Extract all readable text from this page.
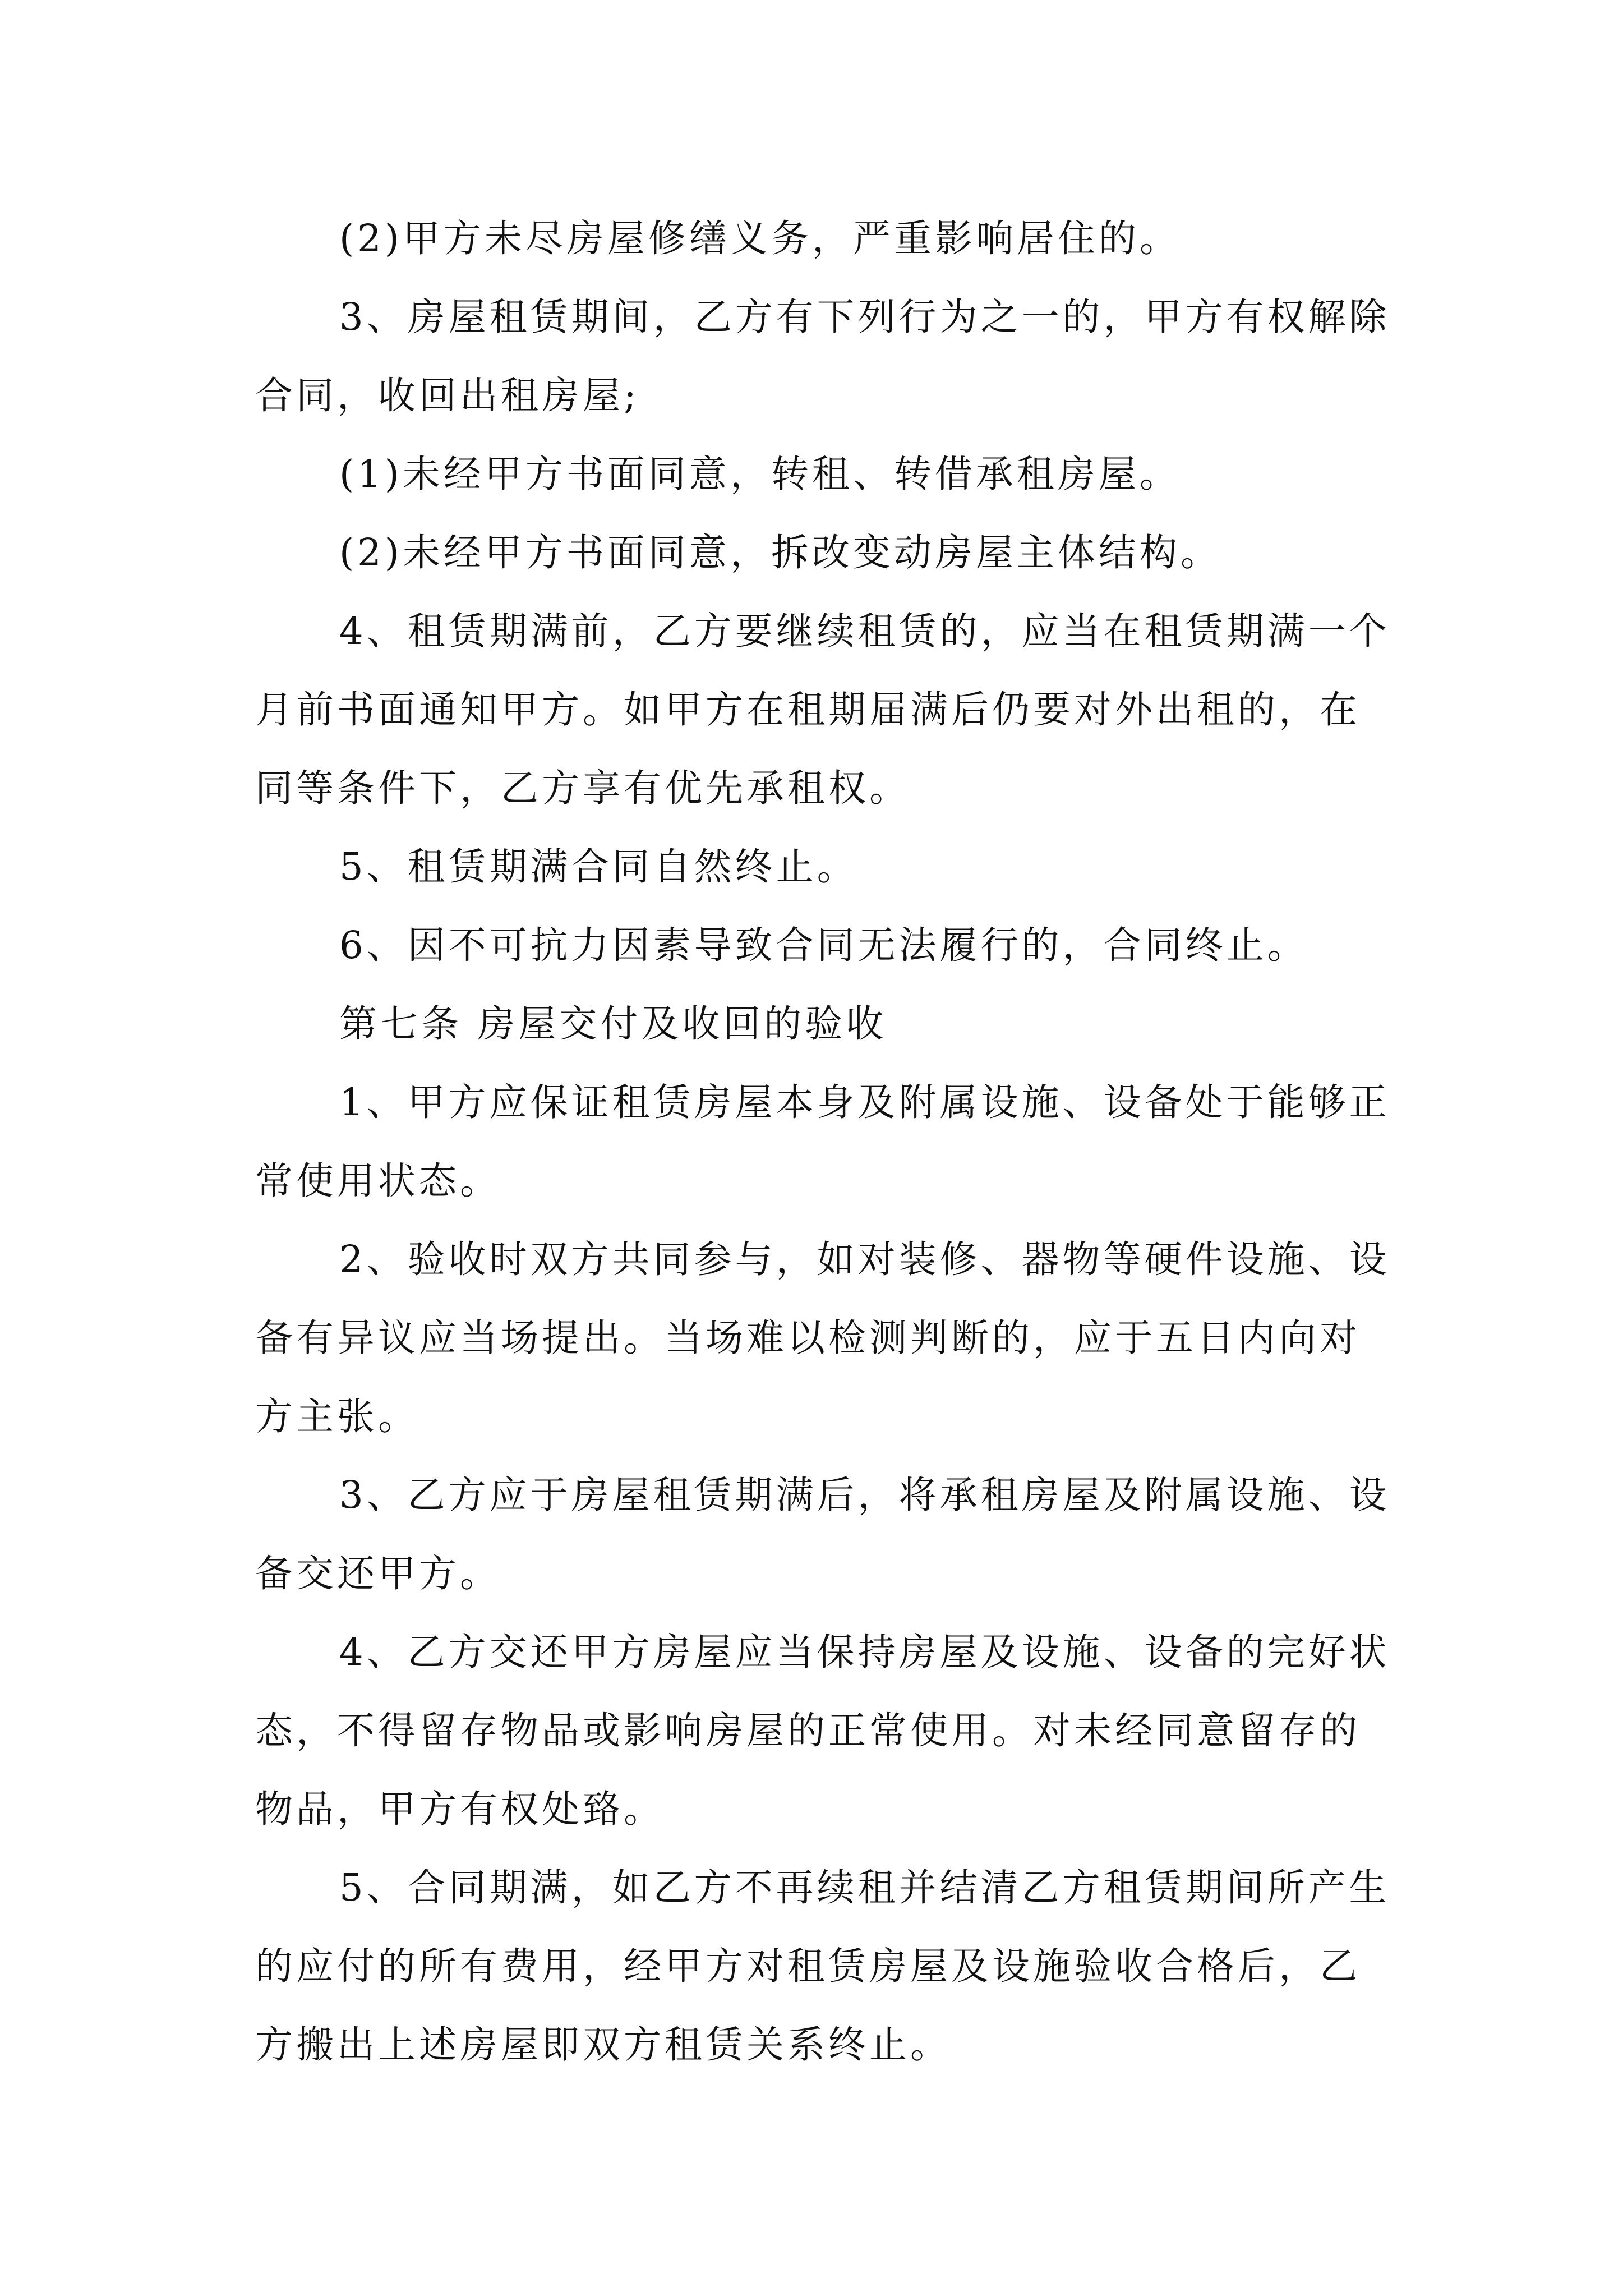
(2)甲方未尽房屋修缮义务，严重影响居住的。

3、房屋租赁期间，乙方有下列行为之一的，甲方有权解除合同，收回出租房屋;

(1)未经甲方书面同意，转租、转借承租房屋。

(2)未经甲方书面同意，拆改变动房屋主体结构。

4、租赁期满前，乙方要继续租赁的，应当在租赁期满一个月前书面通知甲方。如甲方在租期届满后仍要对外出租的，在同等条件下，乙方享有优先承租权。

5、租赁期满合同自然终止。

6、因不可抗力因素导致合同无法履行的，合同终止。

第七条 房屋交付及收回的验收

1、甲方应保证租赁房屋本身及附属设施、设备处于能够正常使用状态。

2、验收时双方共同参与，如对装修、器物等硬件设施、设备有异议应当场提出。当场难以检测判断的，应于五日内向对方主张。

3、乙方应于房屋租赁期满后，将承租房屋及附属设施、设备交还甲方。

4、乙方交还甲方房屋应当保持房屋及设施、设备的完好状态，不得留存物品或影响房屋的正常使用。对未经同意留存的物品，甲方有权处臵。

5、合同期满，如乙方不再续租并结清乙方租赁期间所产生的应付的所有费用，经甲方对租赁房屋及设施验收合格后，乙方搬出上述房屋即双方租赁关系终止。
